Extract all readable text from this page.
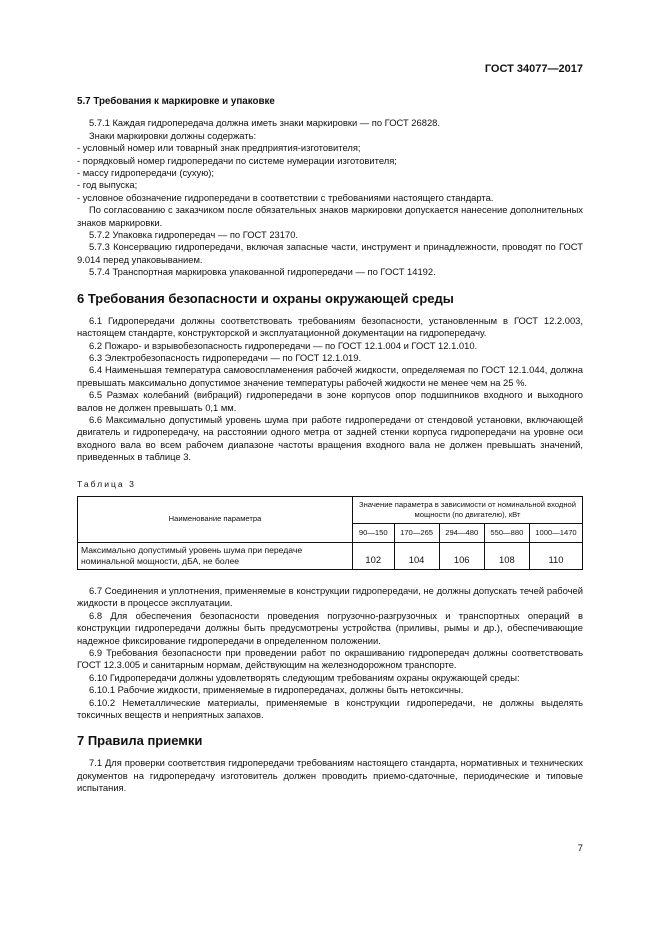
ГОСТ 34077—2017

5.7 Требования к маркировке и упаковке

5.7.1 Каждая гидропередача должна иметь знаки маркировки — по ГОСТ 26828.

Знаки маркировки должны содержать:

- условный номер или товарный знак предприятия-изготовителя;

- порядковый номер гидропередачи по системе нумерации изготовителя;

- массу гидропередачи (сухую);

- год выпуска;

- условное обозначение гидропередачи в соответствии с требованиями настоящего стандарта.

По согласованию с заказчиком после обязательных знаков маркировки допускается нанесение дополнительных знаков маркировки.

5.7.2 Упаковка гидропередач — по ГОСТ 23170.

5.7.3 Консервацию гидропередачи, включая запасные части, инструмент и принадлежности, проводят по ГОСТ 9.014 перед упаковыванием.

5.7.4 Транспортная маркировка упакованной гидропередачи — по ГОСТ 14192.

6 Требования безопасности и охраны окружающей среды

6.1 Гидропередачи должны соответствовать требованиям безопасности, установленным в ГОСТ 12.2.003, настоящем стандарте, конструкторской и эксплуатационной документации на гидропередачу.

6.2 Пожаро- и взрывобезопасность гидропередачи — по ГОСТ 12.1.004 и ГОСТ 12.1.010.

6.3 Электробезопасность гидропередачи — по ГОСТ 12.1.019.

6.4 Наименьшая температура самовоспламенения рабочей жидкости, определяемая по ГОСТ 12.1.044, должна превышать максимально допустимое значение температуры рабочей жидкости не менее чем на 25 %.

6.5 Размах колебаний (вибраций) гидропередачи в зоне корпусов опор подшипников входного и выходного валов не должен превышать 0,1 мм.

6.6 Максимально допустимый уровень шума при работе гидропередачи от стендовой установки, включающей двигатель и гидропередачу, на расстоянии одного метра от задней стенки корпуса гидропередачи на уровне оси входного вала во всем рабочем диапазоне частоты вращения входного вала не должен превышать значений, приведенных в таблице 3.

Таблица 3

Наименование параметра	Значение параметра в зависимости от номинальной входной мощности (по двигателю), кВт				
	90—150	170—265	294—480	550—880	1000—1470
Максимально допустимый уровень шума при передаче номинальной мощности, дБА, не более	102	104	106	108	110

6.7 Соединения и уплотнения, применяемые в конструкции гидропередачи, не должны допускать течей рабочей жидкости в процессе эксплуатации.

6.8 Для обеспечения безопасности проведения погрузочно-разгрузочных и транспортных операций в конструкции гидропередачи должны быть предусмотрены устройства (приливы, рымы и др.), обеспечивающие надежное фиксирование гидропередачи в определенном положении.

6.9 Требования безопасности при проведении работ по окрашиванию гидропередач должны соответствовать ГОСТ 12.3.005 и санитарным нормам, действующим на железнодорожном транспорте.

6.10 Гидропередачи должны удовлетворять следующим требованиям охраны окружающей среды:

6.10.1 Рабочие жидкости, применяемые в гидропередачах, должны быть нетоксичны.

6.10.2 Неметаллические материалы, применяемые в конструкции гидропередачи, не должны выделять токсичных веществ и неприятных запахов.

7 Правила приемки

7.1 Для проверки соответствия гидропередачи требованиям настоящего стандарта, нормативных и технических документов на гидропередачу изготовитель должен проводить приемо-сдаточные, периодические и типовые испытания.

7
